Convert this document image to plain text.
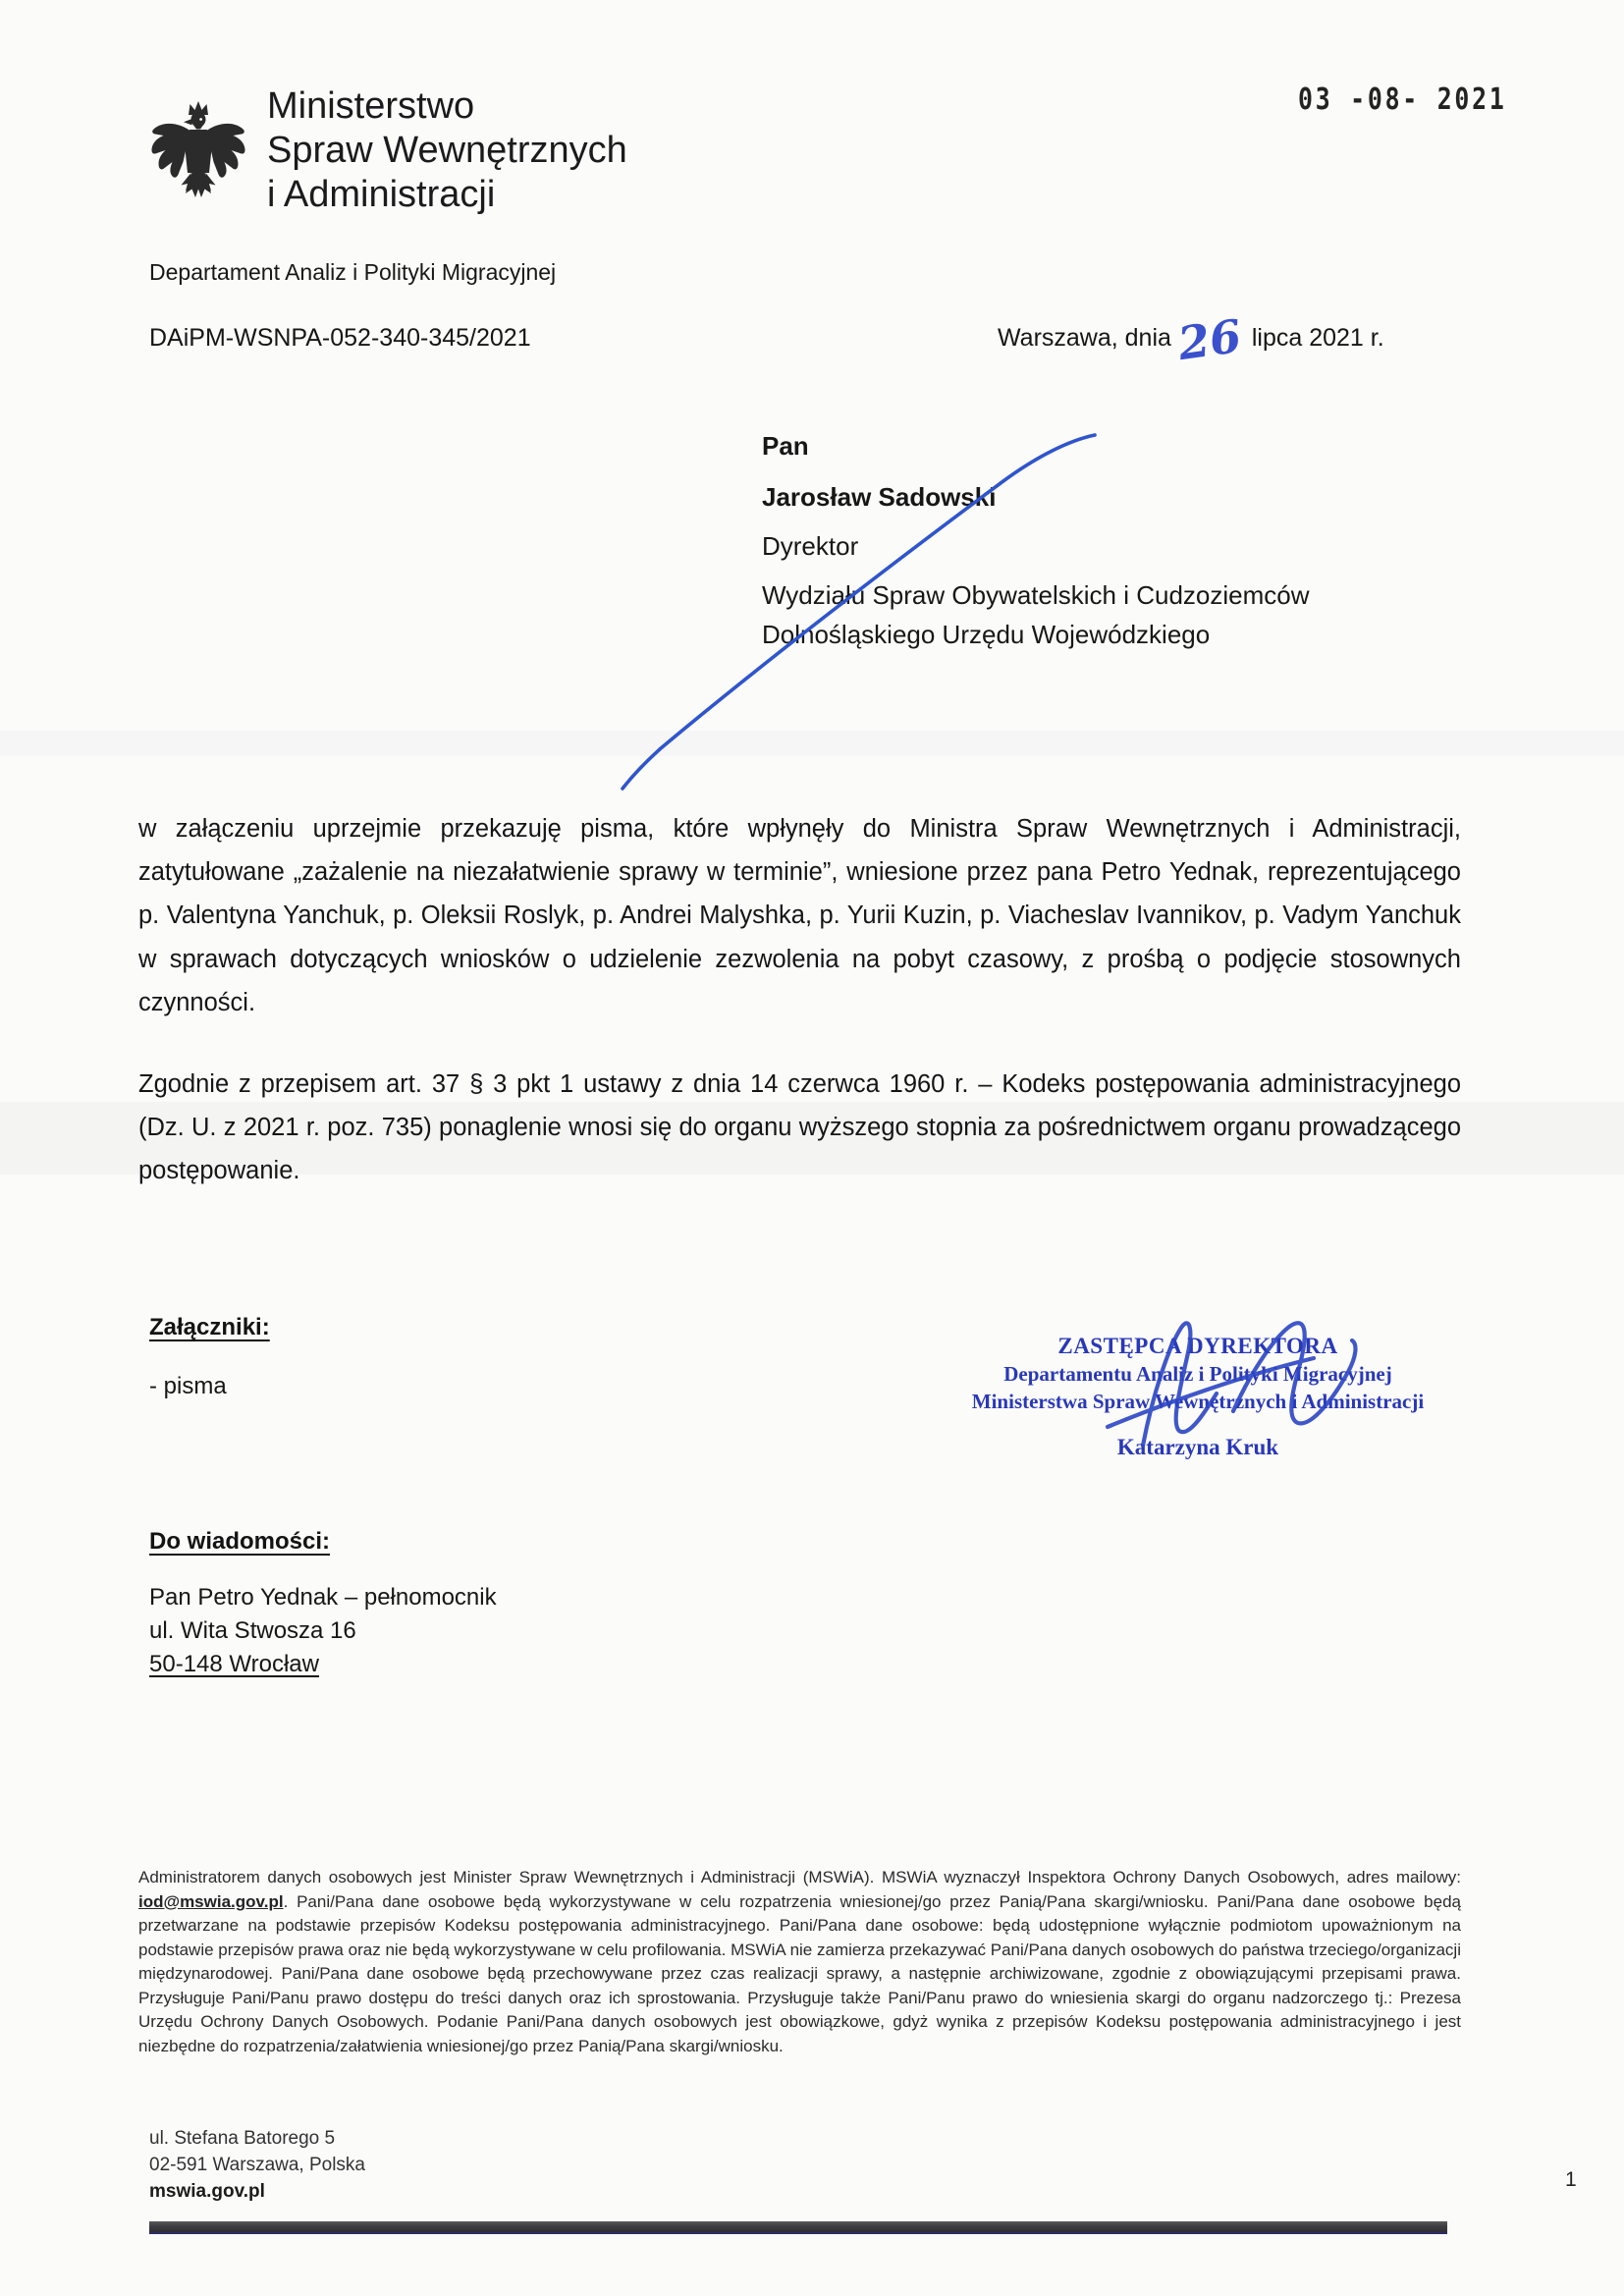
Ministerstwo
Spraw Wewnętrznych
i Administracji
03 -08- 2021
Departament Analiz i Polityki Migracyjnej
DAiPM-WSNPA-052-340-345/2021	Warszawa, dnia 26 lipca 2021 r.
Pan
Jarosław Sadowski
Dyrektor
Wydziału Spraw Obywatelskich i Cudzoziemców
Dolnośląskiego Urzędu Wojewódzkiego
w załączeniu uprzejmie przekazuję pisma, które wpłynęły do Ministra Spraw Wewnętrznych i Administracji, zatytułowane „zażalenie na niezałatwienie sprawy w terminie”, wniesione przez pana Petro Yednak, reprezentującego p. Valentyna Yanchuk, p. Oleksii Roslyk, p. Andrei Malyshka, p. Yurii Kuzin, p. Viacheslav Ivannikov, p. Vadym Yanchuk w sprawach dotyczących wniosków o udzielenie zezwolenia na pobyt czasowy, z prośbą o podjęcie stosownych czynności.
Zgodnie z przepisem art. 37 § 3 pkt 1 ustawy z dnia 14 czerwca 1960 r. – Kodeks postępowania administracyjnego (Dz. U. z 2021 r. poz. 735) ponaglenie wnosi się do organu wyższego stopnia za pośrednictwem organu prowadzącego postępowanie.
Załączniki:
- pisma
ZASTĘPCA DYREKTORA
Departamentu Analiz i Polityki Migracyjnej
Ministerstwa Spraw Wewnętrznych i Administracji
Katarzyna Kruk
Do wiadomości:
Pan Petro Yednak – pełnomocnik
ul. Wita Stwosza 16
50-148 Wrocław
Administratorem danych osobowych jest Minister Spraw Wewnętrznych i Administracji (MSWiA). MSWiA wyznaczył Inspektora Ochrony Danych Osobowych, adres mailowy: iod@mswia.gov.pl. Pani/Pana dane osobowe będą wykorzystywane w celu rozpatrzenia wniesionej/go przez Panią/Pana skargi/wniosku. Pani/Pana dane osobowe będą przetwarzane na podstawie przepisów Kodeksu postępowania administracyjnego. Pani/Pana dane osobowe: będą udostępnione wyłącznie podmiotom upoważnionym na podstawie przepisów prawa oraz nie będą wykorzystywane w celu profilowania. MSWiA nie zamierza przekazywać Pani/Pana danych osobowych do państwa trzeciego/organizacji międzynarodowej. Pani/Pana dane osobowe będą przechowywane przez czas realizacji sprawy, a następnie archiwizowane, zgodnie z obowiązującymi przepisami prawa. Przysługuje Pani/Panu prawo dostępu do treści danych oraz ich sprostowania. Przysługuje także Pani/Panu prawo do wniesienia skargi do organu nadzorczego tj.: Prezesa Urzędu Ochrony Danych Osobowych. Podanie Pani/Pana danych osobowych jest obowiązkowe, gdyż wynika z przepisów Kodeksu postępowania administracyjnego i jest niezbędne do rozpatrzenia/załatwienia wniesionej/go przez Panią/Pana skargi/wniosku.
ul. Stefana Batorego 5
02-591 Warszawa, Polska
mswia.gov.pl
1
